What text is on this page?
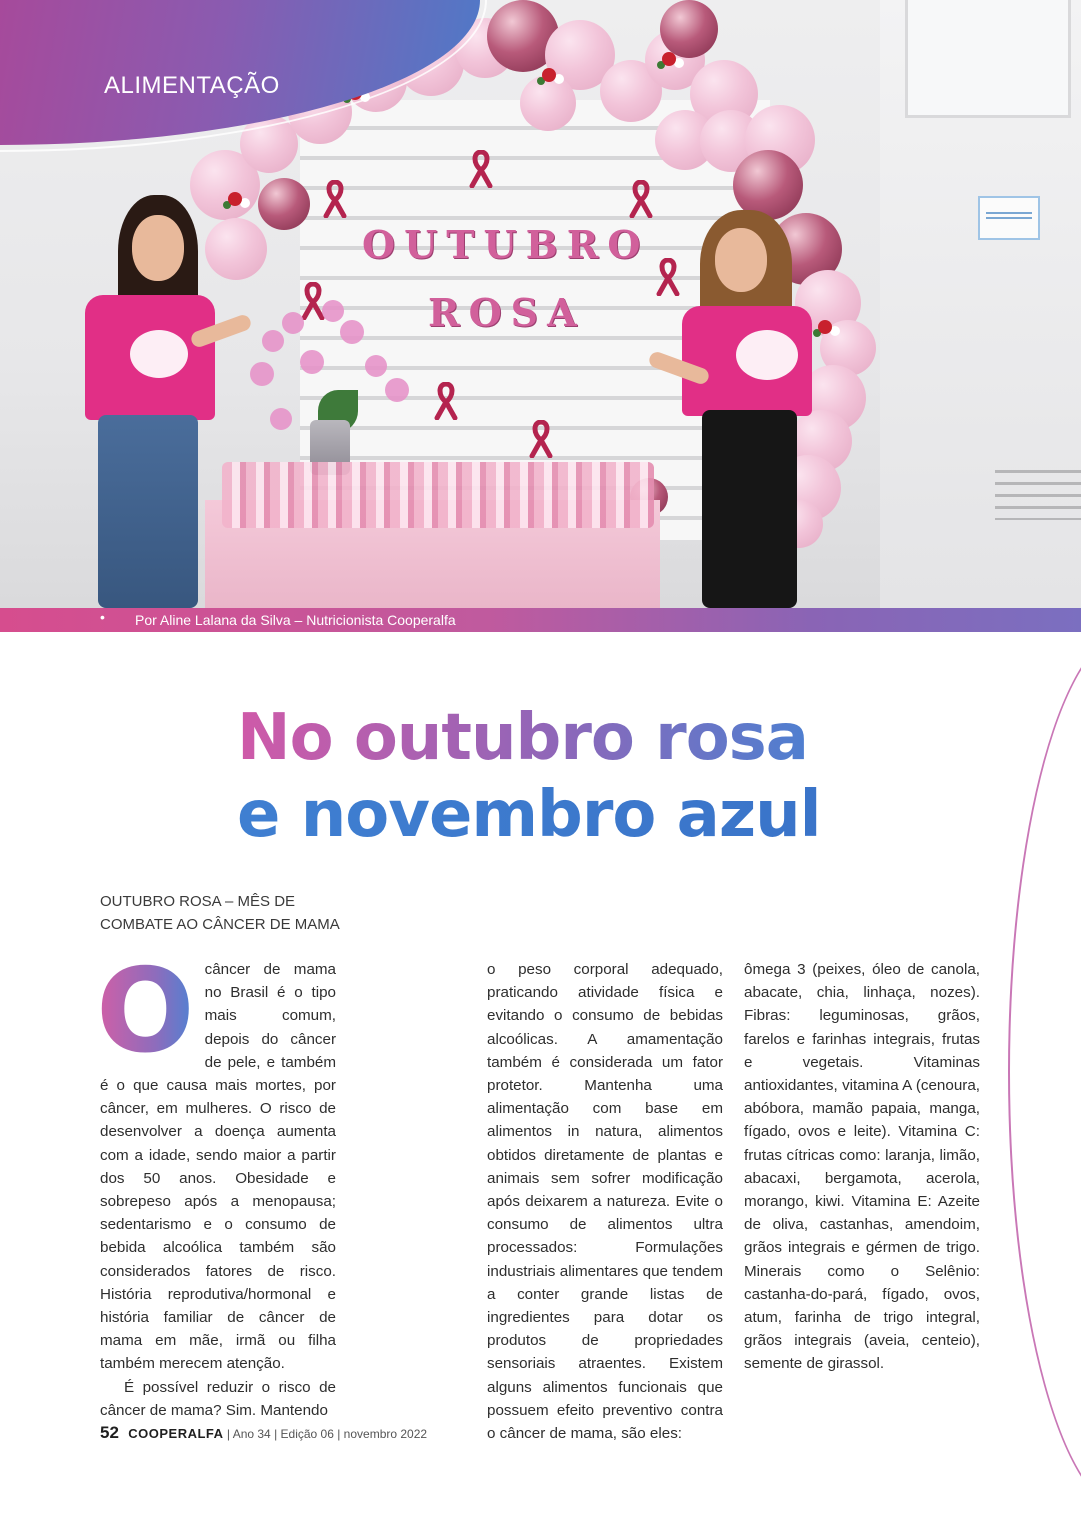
OUTUBRO
ROSA
ALIMENTAÇÃO
• Por Aline Lalana da Silva – Nutricionista Cooperalfa
No outubro rosa
e novembro azul
OUTUBRO ROSA – MÊS DE
COMBATE AO CÂNCER DE MAMA

O câncer de mama no Brasil é o tipo mais comum, depois do câncer de pele, e também é o que causa mais mortes, por câncer, em mulheres. O risco de desenvolver a doença aumenta com a idade, sendo maior a partir dos 50 anos. Obesidade e sobrepeso após a menopausa; sedentarismo e o consumo de bebida alcoólica também são considerados fatores de risco. História reprodutiva/hormonal e história familiar de câncer de mama em mãe, irmã ou filha também merecem atenção.

É possível reduzir o risco de câncer de mama? Sim. Mantendo

o peso corporal adequado, praticando atividade física e evitando o consumo de bebidas alcoólicas. A amamentação também é considerada um fator protetor. Mantenha uma alimentação com base em alimentos in natura, alimentos obtidos diretamente de plantas e animais sem sofrer modificação após deixarem a natureza. Evite o consumo de alimentos ultra processados: Formulações industriais alimentares que tendem a conter grande listas de ingredientes para dotar os produtos de propriedades sensoriais atraentes. Existem alguns alimentos funcionais que possuem efeito preventivo contra o câncer de mama, são eles:

ômega 3 (peixes, óleo de canola, abacate, chia, linhaça, nozes). Fibras: leguminosas, grãos, farelos e farinhas integrais, frutas e vegetais. Vitaminas antioxidantes, vitamina A (cenoura, abóbora, mamão papaia, manga, fígado, ovos e leite). Vitamina C: frutas cítricas como: laranja, limão, abacaxi, bergamota, acerola, morango, kiwi. Vitamina E: Azeite de oliva, castanhas, amendoim, grãos integrais e gérmen de trigo. Minerais como o Selênio: castanha-do-pará, fígado, ovos, atum, farinha de trigo integral, grãos integrais (aveia, centeio), semente de girassol.

52 COOPERALFA | Ano 34 | Edição 06 | novembro 2022
